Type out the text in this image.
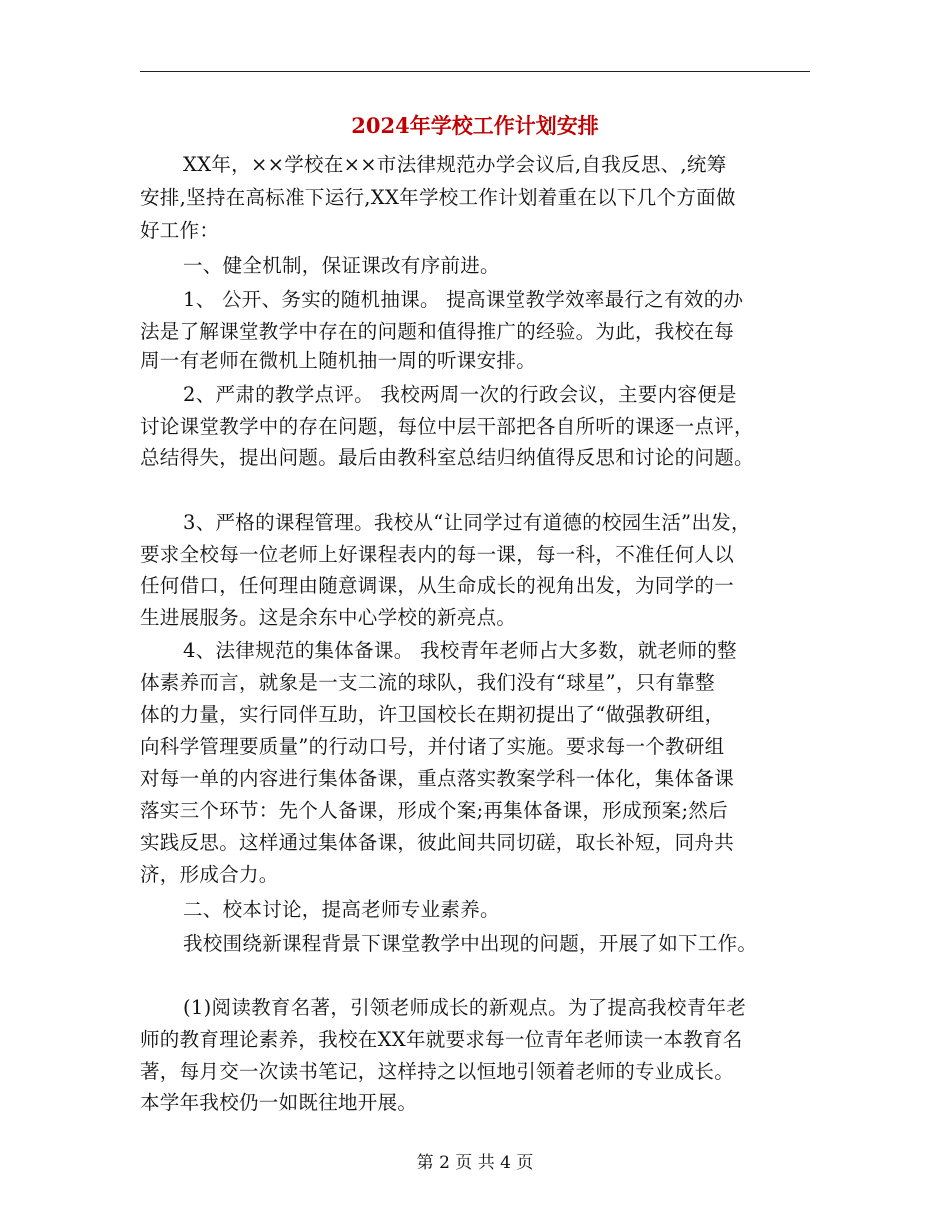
2024年学校工作计划安排
XX年，××学校在××市法律规范办学会议后,自我反思、,统筹
安排,坚持在高标准下运行,XX年学校工作计划着重在以下几个方面做
好工作：
一、健全机制，保证课改有序前进。
1、 公开、务实的随机抽课。 提高课堂教学效率最行之有效的办
法是了解课堂教学中存在的问题和值得推广的经验。为此，我校在每
周一有老师在微机上随机抽一周的听课安排。
2、严肃的教学点评。 我校两周一次的行政会议，主要内容便是
讨论课堂教学中的存在问题，每位中层干部把各自所听的课逐一点评，
总结得失，提出问题。最后由教科室总结归纳值得反思和讨论的问题。
3、严格的课程管理。我校从“让同学过有道德的校园生活”出发，
要求全校每一位老师上好课程表内的每一课，每一科，不准任何人以
任何借口，任何理由随意调课，从生命成长的视角出发，为同学的一
生进展服务。这是余东中心学校的新亮点。
4、法律规范的集体备课。 我校青年老师占大多数，就老师的整
体素养而言，就象是一支二流的球队，我们没有“球星”，只有靠整
体的力量，实行同伴互助，许卫国校长在期初提出了“做强教研组，
向科学管理要质量”的行动口号，并付诸了实施。要求每一个教研组
对每一单的内容进行集体备课，重点落实教案学科一体化，集体备课
落实三个环节：先个人备课，形成个案;再集体备课，形成预案;然后
实践反思。这样通过集体备课，彼此间共同切磋，取长补短，同舟共
济，形成合力。
二、校本讨论，提高老师专业素养。
我校围绕新课程背景下课堂教学中出现的问题，开展了如下工作。
(1)阅读教育名著，引领老师成长的新观点。为了提高我校青年老
师的教育理论素养，我校在XX年就要求每一位青年老师读一本教育名
著，每月交一次读书笔记，这样持之以恒地引领着老师的专业成长。
本学年我校仍一如既往地开展。
第 2 页 共 4 页
